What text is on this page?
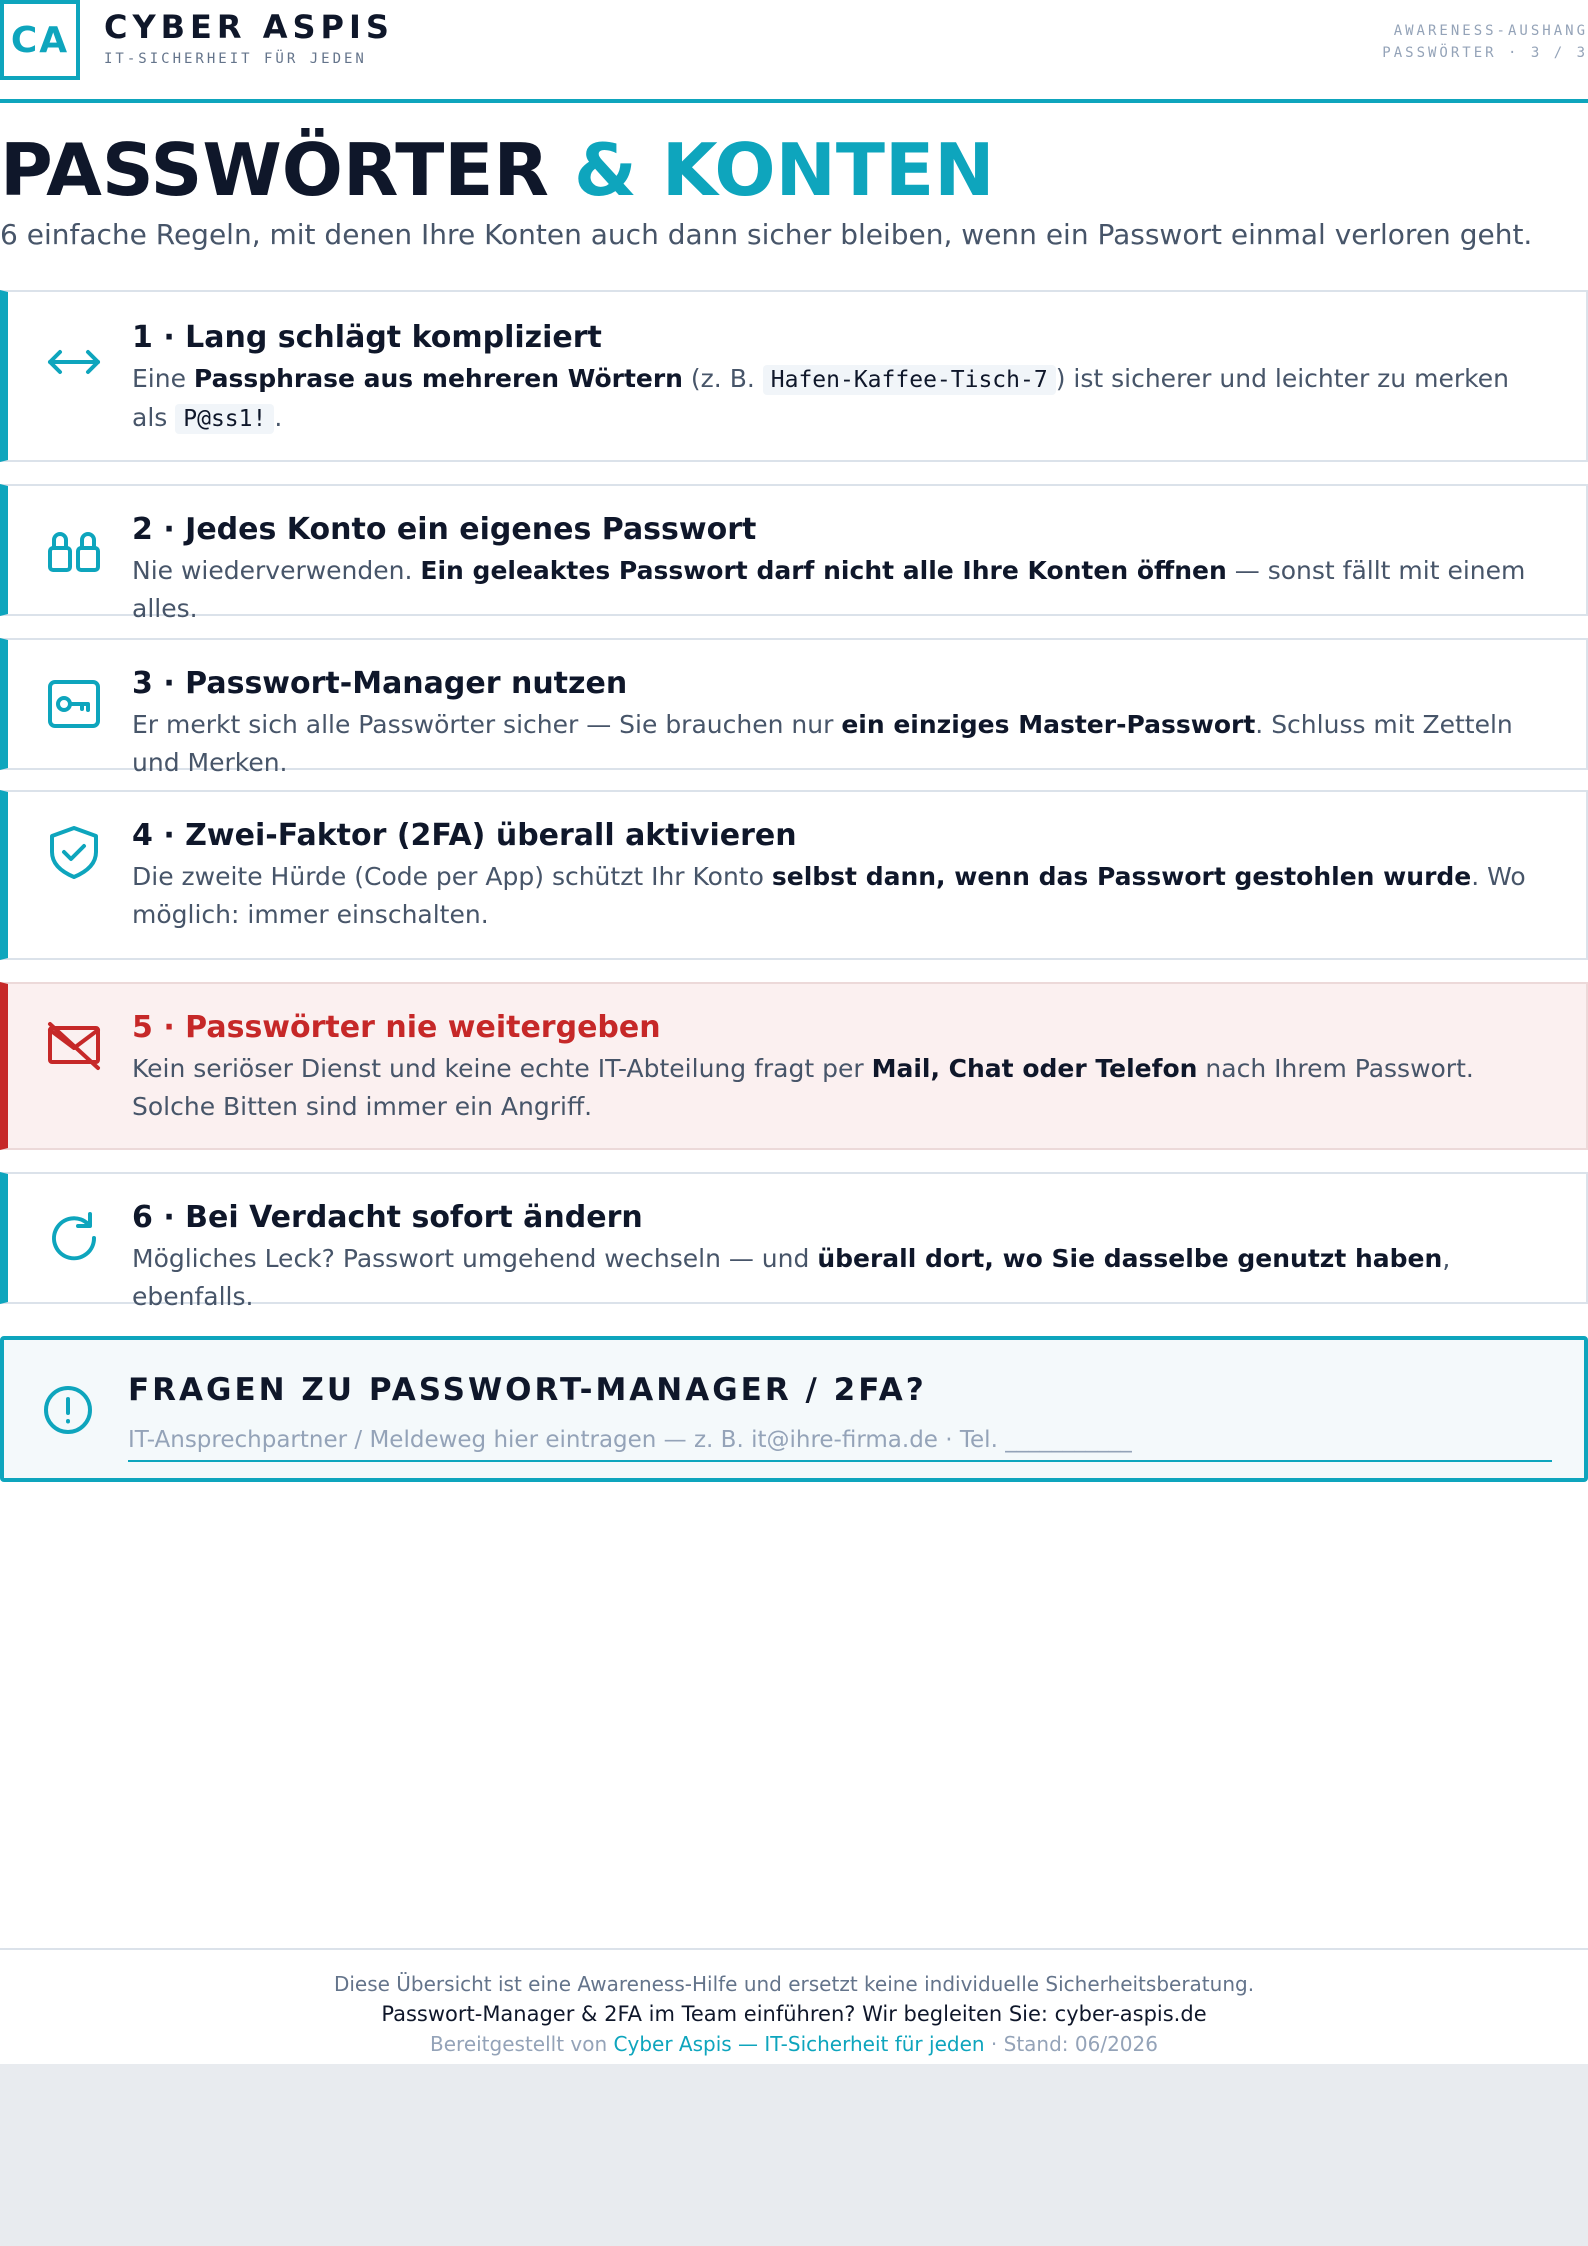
CA	CYBER ASPIS
IT-SICHERHEIT FÜR JEDEN
AWARENESS-AUSHANG
PASSWÖRTER · 3 / 3
PASSWÖRTER & KONTEN
6 einfache Regeln, mit denen Ihre Konten auch dann sicher bleiben, wenn ein Passwort einmal verloren geht.
1 · Lang schlägt kompliziert

Eine Passphrase aus mehreren Wörtern (z. B. Hafen-Kaffee-Tisch-7 ) ist sicherer und leichter zu merken als P@ss1! .

2 · Jedes Konto ein eigenes Passwort

Nie wiederverwenden. Ein geleaktes Passwort darf nicht alle Ihre Konten öffnen — sonst fällt mit einem alles.

3 · Passwort-Manager nutzen

Er merkt sich alle Passwörter sicher — Sie brauchen nur ein einziges Master-Passwort. Schluss mit Zetteln und Merken.

4 · Zwei-Faktor (2FA) überall aktivieren

Die zweite Hürde (Code per App) schützt Ihr Konto selbst dann, wenn das Passwort gestohlen wurde. Wo möglich: immer einschalten.

5 · Passwörter nie weitergeben

Kein seriöser Dienst und keine echte IT-Abteilung fragt per Mail, Chat oder Telefon nach Ihrem Passwort. Solche Bitten sind immer ein Angriff.

6 · Bei Verdacht sofort ändern

Mögliches Leck? Passwort umgehend wechseln — und überall dort, wo Sie dasselbe genutzt haben, ebenfalls.

FRAGEN ZU PASSWORT-MANAGER / 2FA?
IT-Ansprechpartner / Meldeweg hier eintragen — z. B. it@ihre-firma.de · Tel. ___________
Diese Übersicht ist eine Awareness-Hilfe und ersetzt keine individuelle Sicherheitsberatung.
Passwort-Manager & 2FA im Team einführen? Wir begleiten Sie: cyber-aspis.de
Bereitgestellt von Cyber Aspis — IT-Sicherheit für jeden · Stand: 06/2026
